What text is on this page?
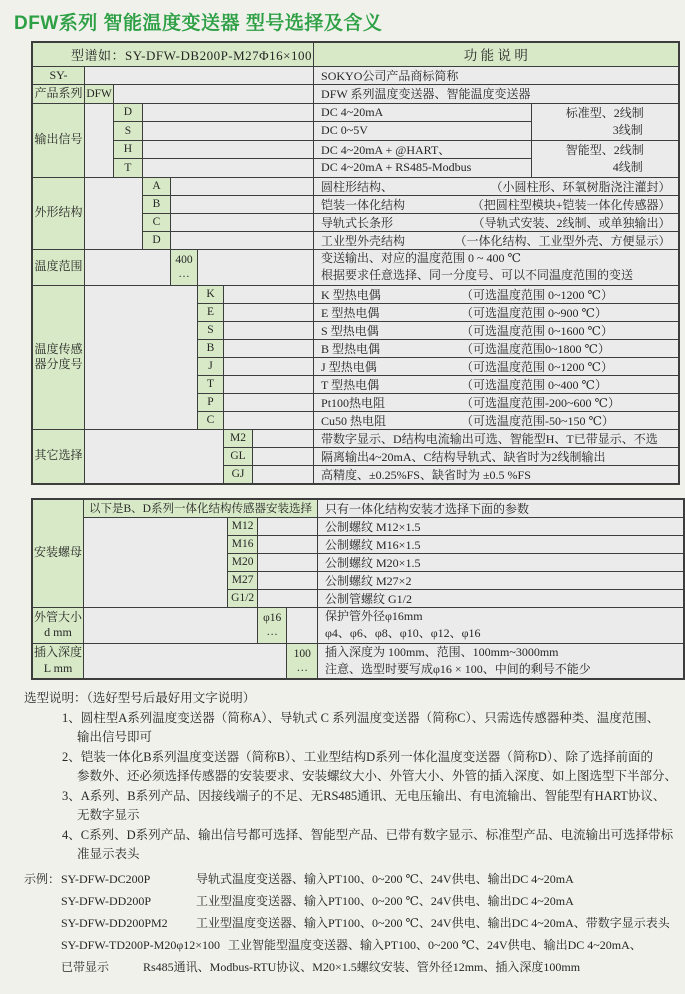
DFW系列 智能温度变送器 型号选择及含义
型谱如：SY-DFW-DB200P-M27Φ16×100								功 能 说 明	
SY-								SOKYO公司产品商标简称	
产品系列	DFW							DFW 系列温度变送器、智能温度变送器	
输出信号		D						DC 4~20mA	标准型、2线制
3线制

		S						DC 0~5V	
		H						DC 4~20mA + @HART、	智能型、2线制
4线制

		T						DC 4~20mA + RS485-Modbus	
外形结构			A					圆柱形结构、 （小圆柱形、环氧树脂浇注灌封）	

			B					铠装一体化结构 （把圆柱型模块+铠装一体化传感器）	

			C					导轨式长条形 （导轨式安装、2线制、或单独输出）	

			D					工业型外壳结构 （一体化结构、工业型外壳、方便显示）	

温度范围		400
…		
变送输出、对应的温度范围 0 ~ 400 ℃
根据要求任意选择、同一分度号、可以不同温度范围的变送

温度传感
器分度号					K			K 型热电偶 （可选温度范围 0~1200 ℃）	

					E			E 型热电偶 （可选温度范围 0~900 ℃）	

					S			S 型热电偶 （可选温度范围 0~1600 ℃）	

					B			B 型热电偶 （可选温度范围0~1800 ℃）	

					J			J 型热电偶 （可选温度范围 0~1200 ℃）	

					T			T 型热电偶 （可选温度范围 0~400 ℃）	

					P			Pt100热电阻 （可选温度范围-200~600 ℃）	

					C			Cu50 热电阻 （可选温度范围-50~150 ℃）	

其它选择						M2		带数字显示、D结构电流输出可选、智能型H、T已带显示、不选	
						GL		隔离输出4~20mA、C结构导轨式、缺省时为2线制输出	
						GJ		高精度、±0.25%FS、缺省时为 ±0.5 %FS	
安装螺母	以下是B、D系列一体化结构传感器安装选择				只有一体化结构安装才选择下面的参数
		M12			公制螺纹 M12×1.5
		M16			公制螺纹 M16×1.5
		M20			公制螺纹 M20×1.5
		M27			公制螺纹 M27×2
		G1/2			公制管螺纹 G1/2
外管大小
d mm		φ16
…		
保护管外径φ16mm
φ4、φ6、φ8、φ10、φ12、φ16

插入深度
L mm		100
…	
插入深度为 100mm、范围、100mm~3000mm
注意、选型时要写成φ16 × 100、中间的剩号不能少
选型说明：（选好型号后最好用文字说明）
1、圆柱型A系列温度变送器（简称A）、导轨式 C 系列温度变送器（简称C）、只需选传感器种类、温度范围、
输出信号即可
2、铠装一体化B系列温度变送器（简称B）、工业型结构D系列一体化温度变送器（简称D）、除了选择前面的
参数外、还必须选择传感器的安装要求、安装螺纹大小、外管大小、外管的插入深度、如上图选型下半部分、
3、A系列、B系列产品、因接线端子的不足、无RS485通讯、无电压输出、有电流输出、智能型有HART协议、
无数字显示
4、C系列、D系列产品、输出信号都可选择、智能型产品、已带有数字显示、标准型产品、电流输出可选择带标
准显示表头
示例： SY-DFW-DC200P	导轨式温度变送器、输入PT100、0~200 ℃、24V供电、输出DC 4~20mA
SY-DFW-DD200P	工业型温度变送器、输入PT100、0~200 ℃、24V供电、输出DC 4~20mA
SY-DFW-DD200PM2	工业型温度变送器、输入PT100、0~200 ℃、24V供电、输出DC 4~20mA、带数字显示表头
SY-DFW-TD200P-M20φ12×100 工业智能型温度变送器、输入PT100、0~200 ℃、24V供电、输出DC 4~20mA、
已带显示	Rs485通讯、Modbus-RTU协议、M20×1.5螺纹安装、管外径12mm、插入深度100mm
